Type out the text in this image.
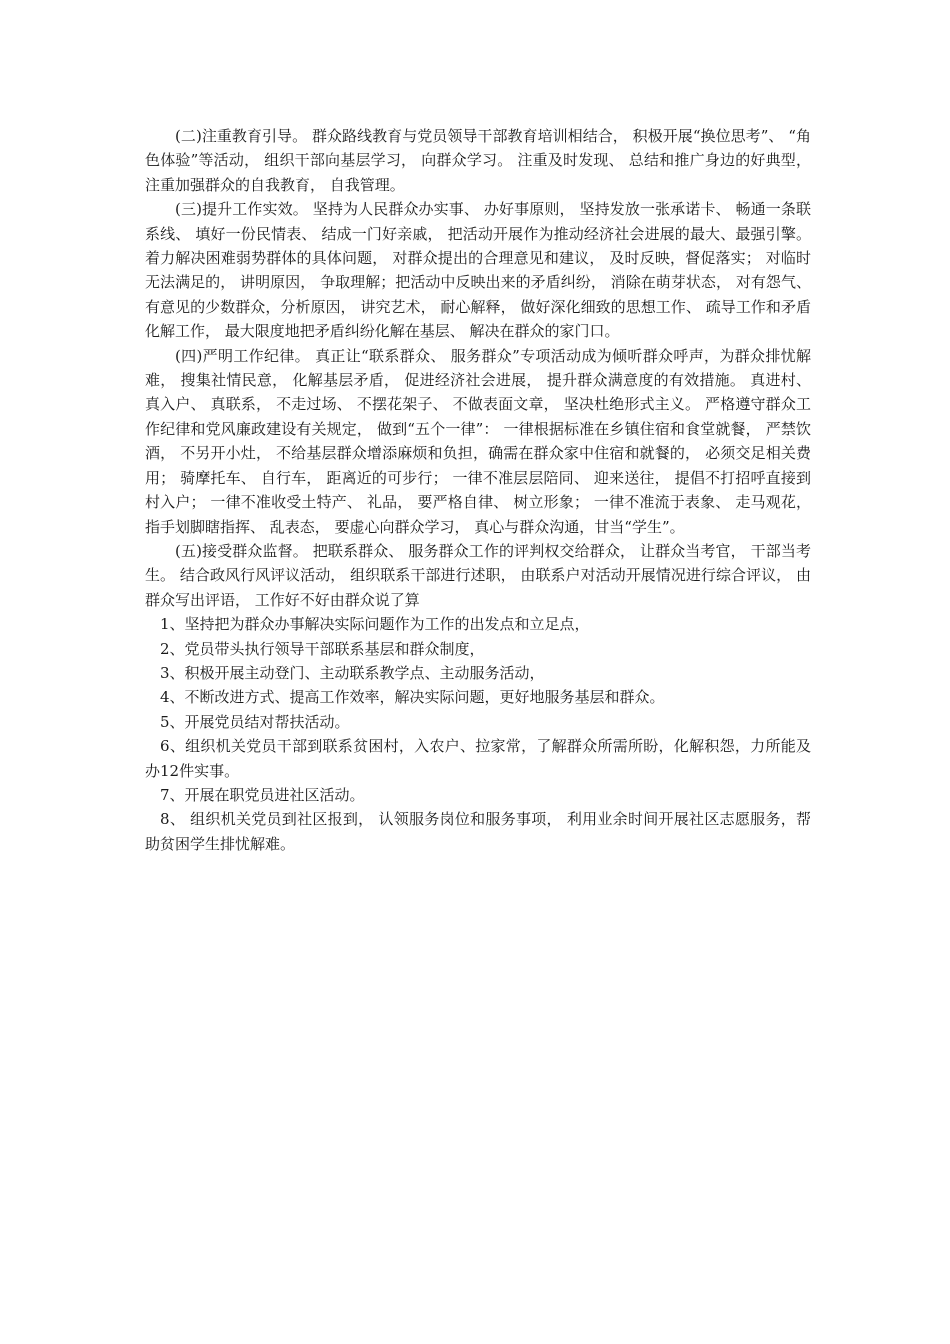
(二)注重教育引导。 群众路线教育与党员领导干部教育培训相结合， 积极开展“换位思考”、 “角色体验”等活动， 组织干部向基层学习， 向群众学习。 注重及时发现、 总结和推广身边的好典型， 注重加强群众的自我教育， 自我管理。

(三)提升工作实效。 坚持为人民群众办实事、 办好事原则， 坚持发放一张承诺卡、 畅通一条联系线、 填好一份民情表、 结成一门好亲戚， 把活动开展作为推动经济社会进展的最大、最强引擎。 着力解决困难弱势群体的具体问题， 对群众提出的合理意见和建议， 及时反映，督促落实； 对临时无法满足的， 讲明原因， 争取理解；把活动中反映出来的矛盾纠纷， 消除在萌芽状态， 对有怨气、 有意见的少数群众，分析原因， 讲究艺术， 耐心解释， 做好深化细致的思想工作、 疏导工作和矛盾化解工作， 最大限度地把矛盾纠纷化解在基层、 解决在群众的家门口。

(四)严明工作纪律。 真正让“联系群众、 服务群众”专项活动成为倾听群众呼声，为群众排忧解难， 搜集社情民意， 化解基层矛盾， 促进经济社会进展， 提升群众满意度的有效措施。 真进村、 真入户、 真联系， 不走过场、 不摆花架子、 不做表面文章， 坚决杜绝形式主义。 严格遵守群众工作纪律和党风廉政建设有关规定， 做到“五个一律”： 一律根据标准在乡镇住宿和食堂就餐， 严禁饮酒， 不另开小灶， 不给基层群众增添麻烦和负担，确需在群众家中住宿和就餐的， 必须交足相关费用； 骑摩托车、 自行车， 距离近的可步行； 一律不准层层陪同、 迎来送往， 提倡不打招呼直接到村入户； 一律不准收受土特产、 礼品， 要严格自律、 树立形象； 一律不准流于表象、 走马观花， 指手划脚瞎指挥、 乱表态， 要虚心向群众学习， 真心与群众沟通，甘当“学生”。

(五)接受群众监督。 把联系群众、 服务群众工作的评判权交给群众， 让群众当考官， 干部当考生。 结合政风行风评议活动， 组织联系干部进行述职， 由联系户对活动开展情况进行综合评议， 由群众写出评语， 工作好不好由群众说了算

1、坚持把为群众办事解决实际问题作为工作的出发点和立足点，

2、党员带头执行领导干部联系基层和群众制度，

3、积极开展主动登门、主动联系教学点、主动服务活动，

4、不断改进方式、提高工作效率，解决实际问题，更好地服务基层和群众。

5、开展党员结对帮扶活动。

6、组织机关党员干部到联系贫困村，入农户、拉家常，了解群众所需所盼，化解积怨，力所能及办12件实事。

7、开展在职党员进社区活动。

8、 组织机关党员到社区报到， 认领服务岗位和服务事项， 利用业余时间开展社区志愿服务，帮助贫困学生排忧解难。
